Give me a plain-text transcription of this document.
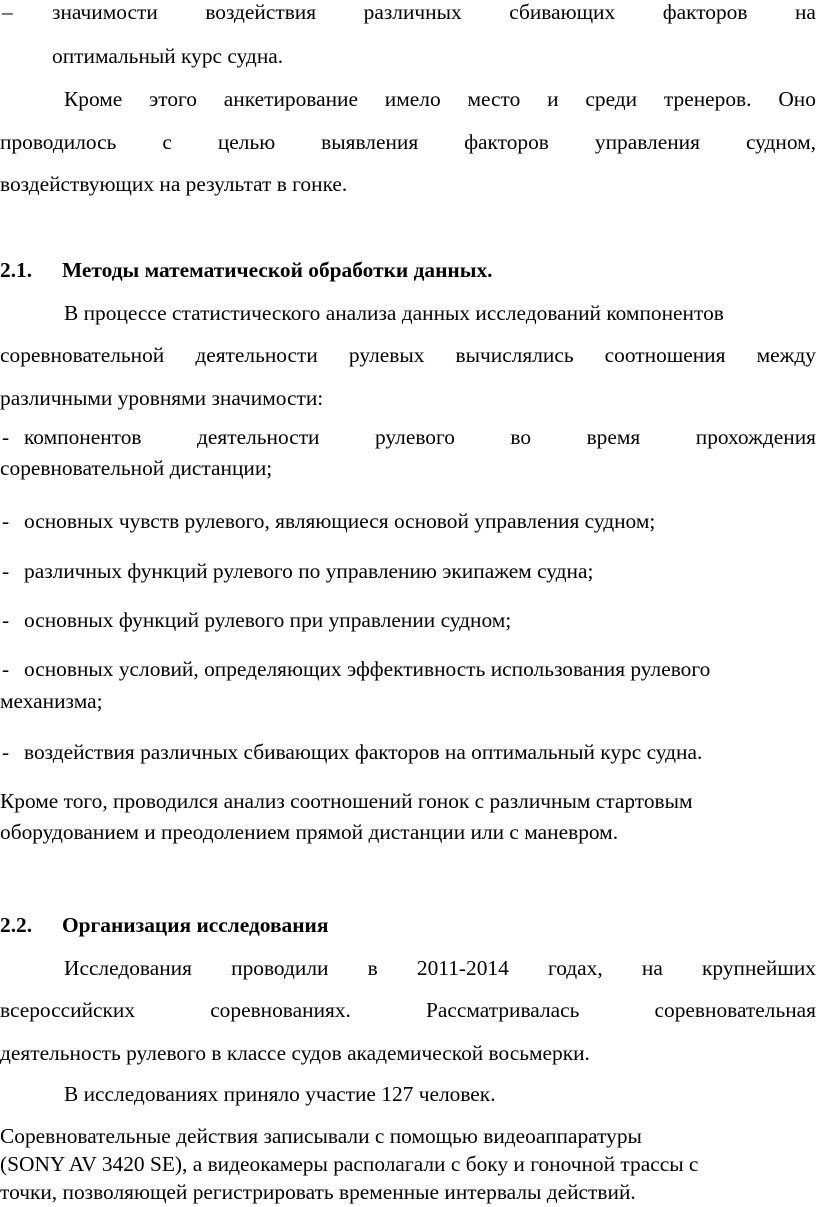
– значимости воздействия различных сбивающих факторов на
оптимальный курс судна.
Кроме этого анкетирование имело место и среди тренеров. Оно
проводилось с целью выявления факторов управления судном,
воздействующих на результат в гонке.
2.1. Методы математической обработки данных.
В процессе статистического анализа данных исследований компонентов
соревновательной деятельности рулевых вычислялись соотношения между
различными уровнями значимости:
- компонентов	деятельности	рулевого	во	время	прохождения
соревновательной дистанции;
- основных чувств рулевого, являющиеся основой управления судном;
- различных функций рулевого по управлению экипажем судна;
- основных функций рулевого при управлении судном;
- основных условий, определяющих эффективность использования рулевого
механизма;
- воздействия различных сбивающих факторов на оптимальный курс судна.
Кроме того, проводился анализ соотношений гонок с различным стартовым
оборудованием и преодолением прямой дистанции или с маневром.
2.2. Организация исследования
Исследования проводили в 2011-2014 годах, на крупнейших
всероссийских	соревнованиях.	Рассматривалась	соревновательная
деятельность рулевого в классе судов академической восьмерки.
В исследованиях приняло участие 127 человек.
Соревновательные действия записывали с помощью видеоаппаратуры
(SONY AV 3420 SE), а видеокамеры располагали с боку и гоночной трассы с
точки, позволяющей регистрировать временные интервалы действий.
